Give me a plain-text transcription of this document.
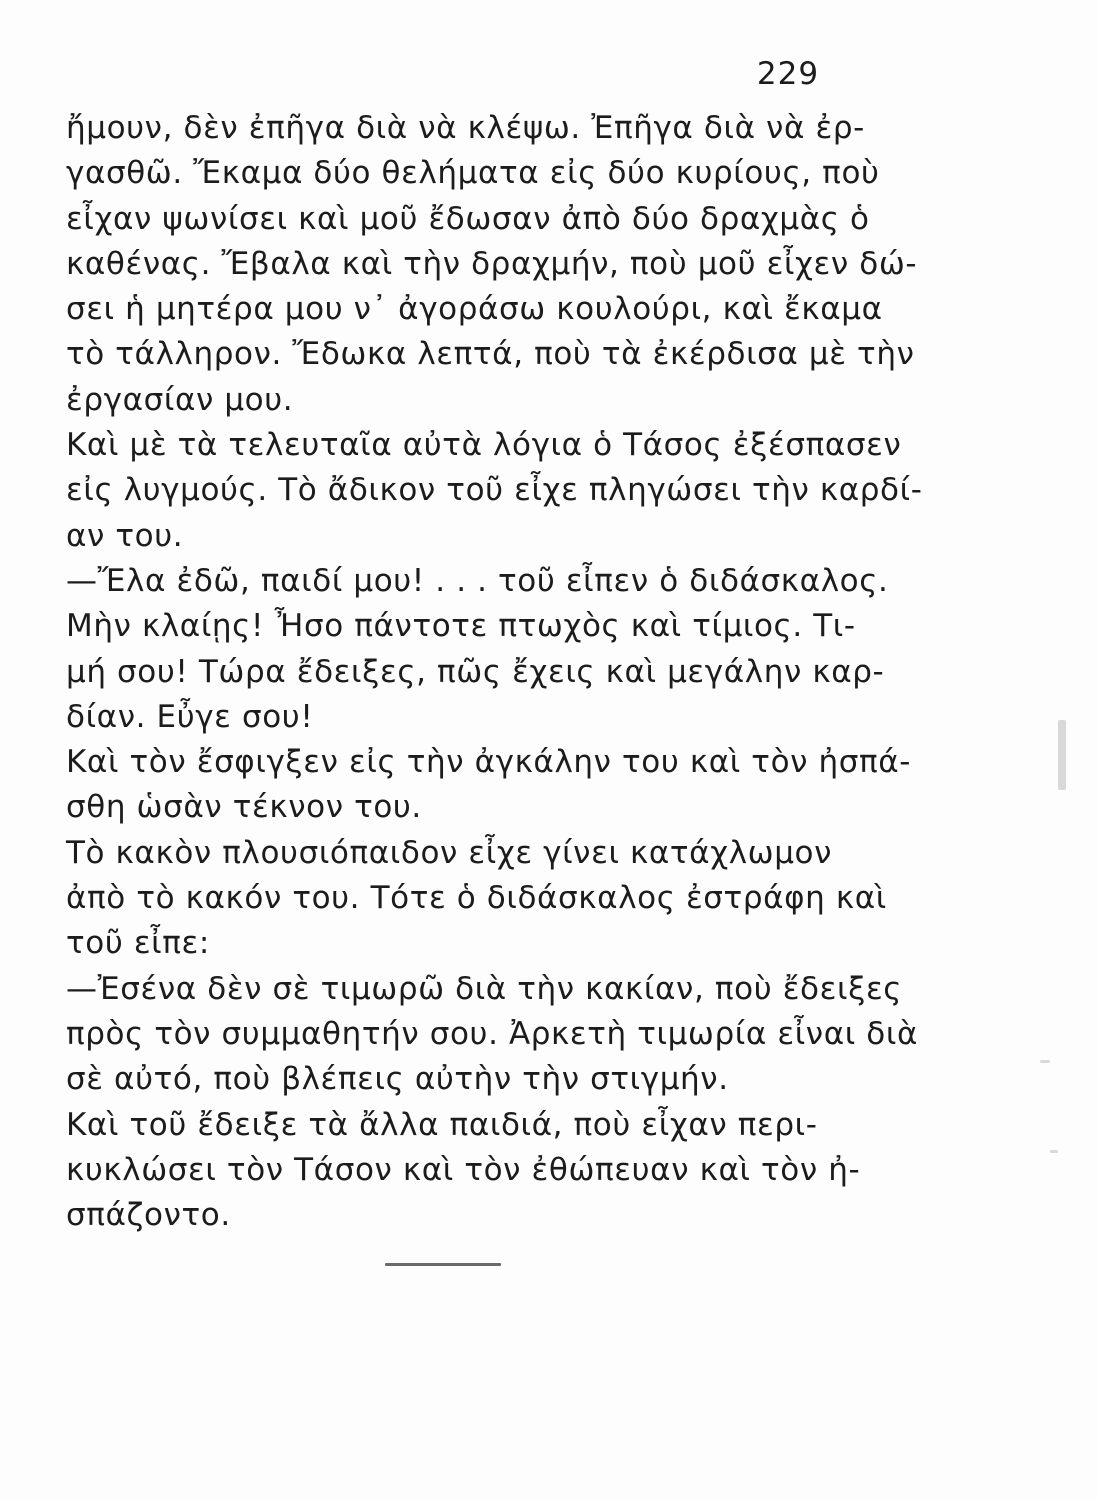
229
ἤμουν, δὲν ἐπῆγα διὰ νὰ κλέψω. Ἐπῆγα διὰ νὰ ἐρ-
γασθῶ. Ἔκαμα δύο θελήματα εἰς δύο κυρίους, ποὺ
εἶχαν ψωνίσει καὶ μοῦ ἔδωσαν ἀπὸ δύο δραχμὰς ὁ
καθένας. Ἔβαλα καὶ τὴν δραχμήν, ποὺ μοῦ εἶχεν δώ-
σει ἡ μητέρα μου ν᾿ ἀγοράσω κουλούρι, καὶ ἔκαμα
τὸ τάλληρον. Ἔδωκα λεπτά, ποὺ τὰ ἐκέρδισα μὲ τὴν
ἐργασίαν μου.
Καὶ μὲ τὰ τελευταῖα αὐτὰ λόγια ὁ Τάσος ἐξέσπασεν
εἰς λυγμούς. Τὸ ἄδικον τοῦ εἶχε πληγώσει τὴν καρδί-
αν του.
—Ἔλα ἐδῶ, παιδί μου! . . . τοῦ εἶπεν ὁ διδάσκαλος.
Μὴν κλαίῃς! Ἦσο πάντοτε πτωχὸς καὶ τίμιος. Τι-
μή σου! Τώρα ἔδειξες, πῶς ἔχεις καὶ μεγάλην καρ-
δίαν. Εὖγε σου!
Καὶ τὸν ἔσφιγξεν εἰς τὴν ἀγκάλην του καὶ τὸν ἠσπά-
σθη ὡσὰν τέκνον του.
Τὸ κακὸν πλουσιόπαιδον εἶχε γίνει κατάχλωμον
ἀπὸ τὸ κακόν του. Τότε ὁ διδάσκαλος ἐστράφη καὶ
τοῦ εἶπε:
—Ἐσένα δὲν σὲ τιμωρῶ διὰ τὴν κακίαν, ποὺ ἔδειξες
πρὸς τὸν συμμαθητήν σου. Ἀρκετὴ τιμωρία εἶναι διὰ
σὲ αὐτό, ποὺ βλέπεις αὐτὴν τὴν στιγμήν.
Καὶ τοῦ ἔδειξε τὰ ἄλλα παιδιά, ποὺ εἶχαν περι-
κυκλώσει τὸν Τάσον καὶ τὸν ἐθώπευαν καὶ τὸν ἠ-
σπάζοντο.
